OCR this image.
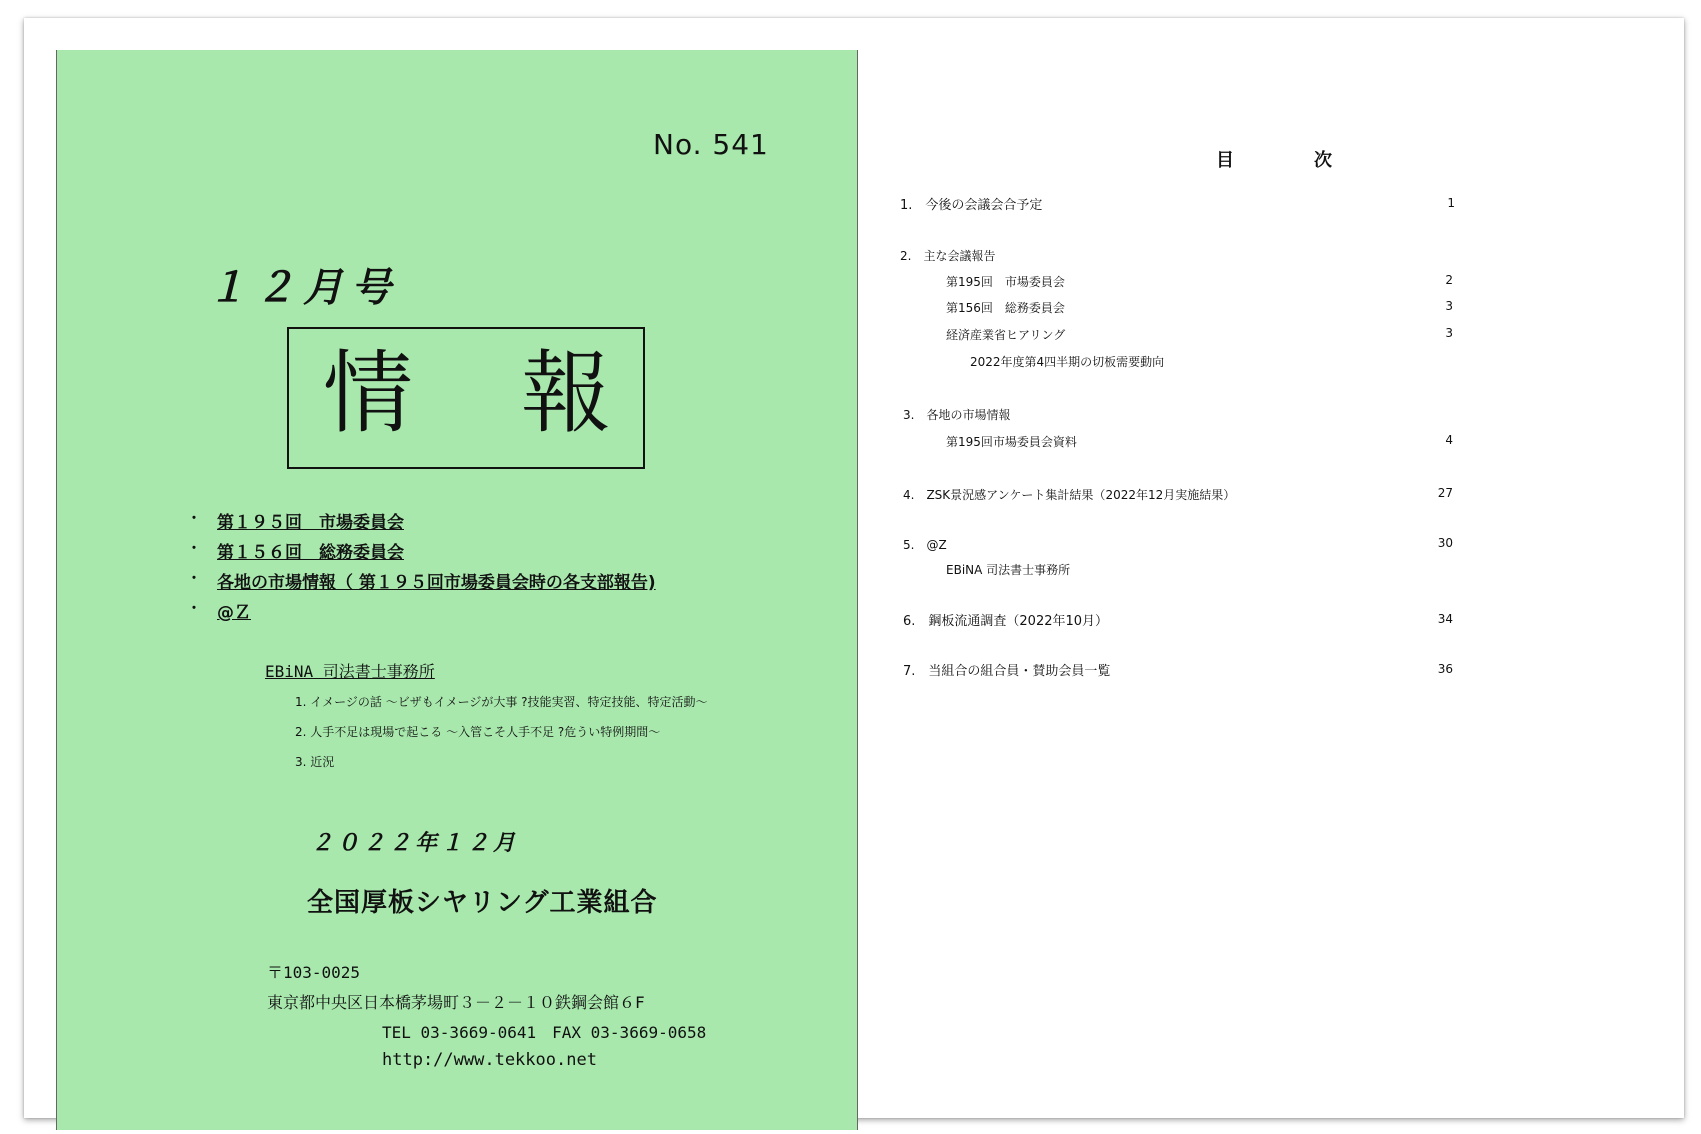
No. 541
１２月号
情 報
・ 第１９５回　市場委員会
・ 第１５６回　総務委員会
・ 各地の市場情報（ 第１９５回市場委員会時の各支部報告)
・ @Ｚ
EBiNA 司法書士事務所
1. イメージの話 ～ビザもイメージが大事 ?技能実習、特定技能、特定活動～
2. 人手不足は現場で起こる ～入管こそ人手不足 ?危うい特例期間～
3. 近況
２０２２年１２月
全国厚板シヤリング工業組合
〒103-0025
東京都中央区日本橋茅場町３－２－１０鉄鋼会館６F
TEL 03-3669-0641　FAX 03-3669-0658
http://www.tekkoo.net
目	次
1.　今後の会議会合予定	1
2.　主な会議報告
第195回　市場委員会	2
第156回　総務委員会	3
経済産業省ヒアリング	3
2022年度第4四半期の切板需要動向
3.　各地の市場情報
第195回市場委員会資料	4
4.　ZSK景況感アンケート集計結果（2022年12月実施結果）	27
5.　@Z	30
EBiNA 司法書士事務所
6.　鋼板流通調査（2022年10月）	34
7.　当組合の組合員・賛助会員一覧	36
